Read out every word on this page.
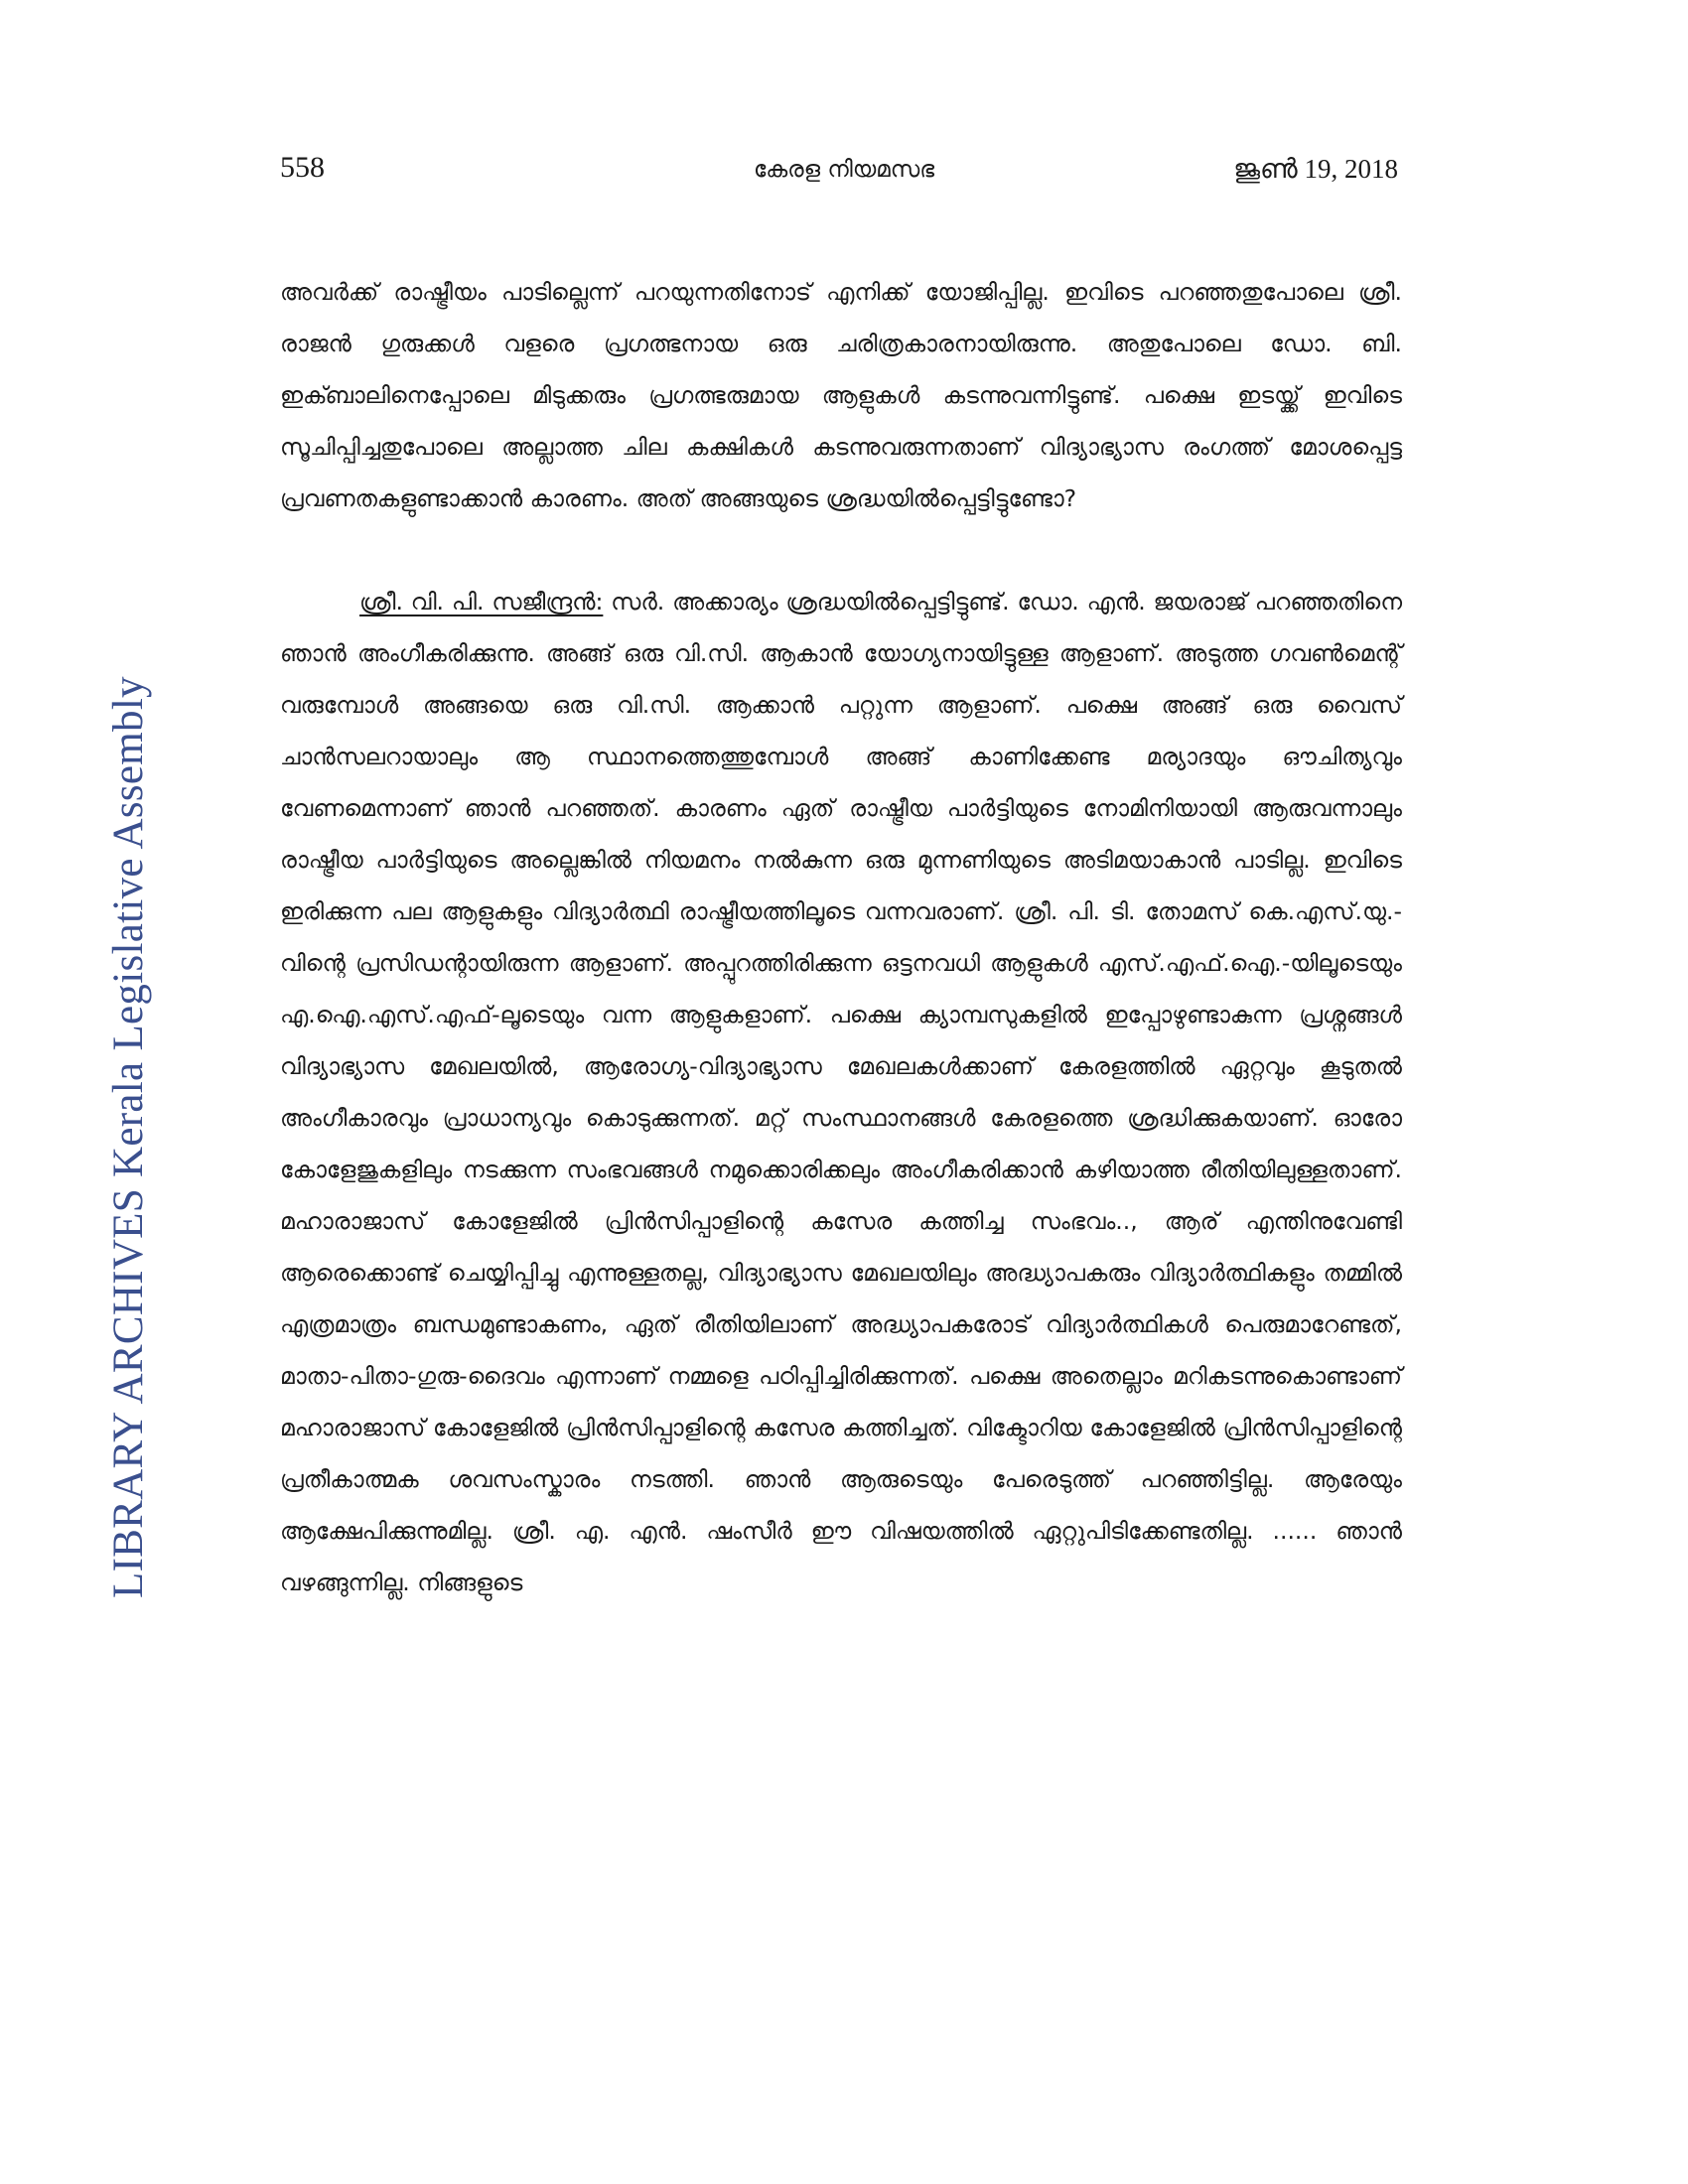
558	കേരള നിയമസഭ	ജൂൺ 19, 2018
LIBRARY ARCHIVES Kerala Legislative Assembly

അവർക്ക് രാഷ്ട്രീയം പാടില്ലെന്ന് പറയുന്നതിനോട് എനിക്ക് യോജിപ്പില്ല. ഇവിടെ പറഞ്ഞതുപോലെ ശ്രീ. രാജൻ ഗുരുക്കൾ വളരെ പ്രഗത്ഭനായ ഒരു ചരിത്രകാരനായിരുന്നു. അതുപോലെ ഡോ. ബി. ഇക്ബാലിനെപ്പോലെ മിടുക്കരും പ്രഗത്ഭരുമായ ആളുകൾ കടന്നുവന്നിട്ടുണ്ട്. പക്ഷെ ഇടയ്ക്ക് ഇവിടെ സൂചിപ്പിച്ചതുപോലെ അല്ലാത്ത ചില കക്ഷികൾ കടന്നുവരുന്നതാണ് വിദ്യാഭ്യാസ രംഗത്ത് മോശപ്പെട്ട പ്രവണതകളുണ്ടാക്കാൻ കാരണം. അത് അങ്ങയുടെ ശ്രദ്ധയിൽപ്പെട്ടിട്ടുണ്ടോ?

ശ്രീ. വി. പി. സജീന്ദ്രൻ: സർ. അക്കാര്യം ശ്രദ്ധയിൽപ്പെട്ടിട്ടുണ്ട്. ഡോ. എൻ. ജയരാജ് പറഞ്ഞതിനെ ഞാൻ അംഗീകരിക്കുന്നു. അങ്ങ് ഒരു വി.സി. ആകാൻ യോഗ്യനായിട്ടുള്ള ആളാണ്. അടുത്ത ഗവൺമെന്റ് വരുമ്പോൾ അങ്ങയെ ഒരു വി.സി. ആക്കാൻ പറ്റുന്ന ആളാണ്. പക്ഷെ അങ്ങ് ഒരു വൈസ് ചാൻസലറായാലും ആ സ്ഥാനത്തെത്തുമ്പോൾ അങ്ങ് കാണിക്കേണ്ട മര്യാദയും ഔചിത്യവും വേണമെന്നാണ് ഞാൻ പറഞ്ഞത്. കാരണം ഏത് രാഷ്ട്രീയ പാർട്ടിയുടെ നോമിനിയായി ആരുവന്നാലും രാഷ്ട്രീയ പാർട്ടിയുടെ അല്ലെങ്കിൽ നിയമനം നൽകുന്ന ഒരു മുന്നണിയുടെ അടിമയാകാൻ പാടില്ല. ഇവിടെ ഇരിക്കുന്ന പല ആളുകളും വിദ്യാർത്ഥി രാഷ്ട്രീയത്തിലൂടെ വന്നവരാണ്. ശ്രീ. പി. ടി. തോമസ് കെ.എസ്.യു.-വിന്റെ പ്രസിഡന്റായിരുന്ന ആളാണ്. അപ്പുറത്തിരിക്കുന്ന ഒട്ടനവധി ആളുകൾ എസ്.എഫ്.ഐ.-യിലൂടെയും എ.ഐ.എസ്.എഫ്-ലൂടെയും വന്ന ആളുകളാണ്. പക്ഷെ ക്യാമ്പസുകളിൽ ഇപ്പോഴുണ്ടാകുന്ന പ്രശ്നങ്ങൾ വിദ്യാഭ്യാസ മേഖലയിൽ, ആരോഗ്യ-വിദ്യാഭ്യാസ മേഖലകൾക്കാണ് കേരളത്തിൽ ഏറ്റവും കൂടുതൽ അംഗീകാരവും പ്രാധാന്യവും കൊടുക്കുന്നത്. മറ്റ് സംസ്ഥാനങ്ങൾ കേരളത്തെ ശ്രദ്ധിക്കുകയാണ്. ഓരോ കോളേജുകളിലും നടക്കുന്ന സംഭവങ്ങൾ നമുക്കൊരിക്കലും അംഗീകരിക്കാൻ കഴിയാത്ത രീതിയിലുള്ളതാണ്. മഹാരാജാസ് കോളേജിൽ പ്രിൻസിപ്പാളിന്റെ കസേര കത്തിച്ച സംഭവം.., ആര് എന്തിനുവേണ്ടി ആരെക്കൊണ്ട് ചെയ്യിപ്പിച്ചു എന്നുള്ളതല്ല, വിദ്യാഭ്യാസ മേഖലയിലും അദ്ധ്യാപകരും വിദ്യാർത്ഥികളും തമ്മിൽ എത്രമാത്രം ബന്ധമുണ്ടാകണം, ഏത് രീതിയിലാണ് അദ്ധ്യാപകരോട് വിദ്യാർത്ഥികൾ പെരുമാറേണ്ടത്, മാതാ-പിതാ-ഗുരു-ദൈവം എന്നാണ് നമ്മളെ പഠിപ്പിച്ചിരിക്കുന്നത്. പക്ഷെ അതെല്ലാം മറികടന്നുകൊണ്ടാണ് മഹാരാജാസ് കോളേജിൽ പ്രിൻസിപ്പാളിന്റെ കസേര കത്തിച്ചത്. വിക്ടോറിയ കോളേജിൽ പ്രിൻസിപ്പാളിന്റെ പ്രതീകാത്മക ശവസംസ്കാരം നടത്തി. ഞാൻ ആരുടെയും പേരെടുത്ത് പറഞ്ഞിട്ടില്ല. ആരേയും ആക്ഷേപിക്കുന്നുമില്ല. ശ്രീ. എ. എൻ. ഷംസീർ ഈ വിഷയത്തിൽ ഏറ്റുപിടിക്കേണ്ടതില്ല. ...... ഞാൻ വഴങ്ങുന്നില്ല. നിങ്ങളുടെ
